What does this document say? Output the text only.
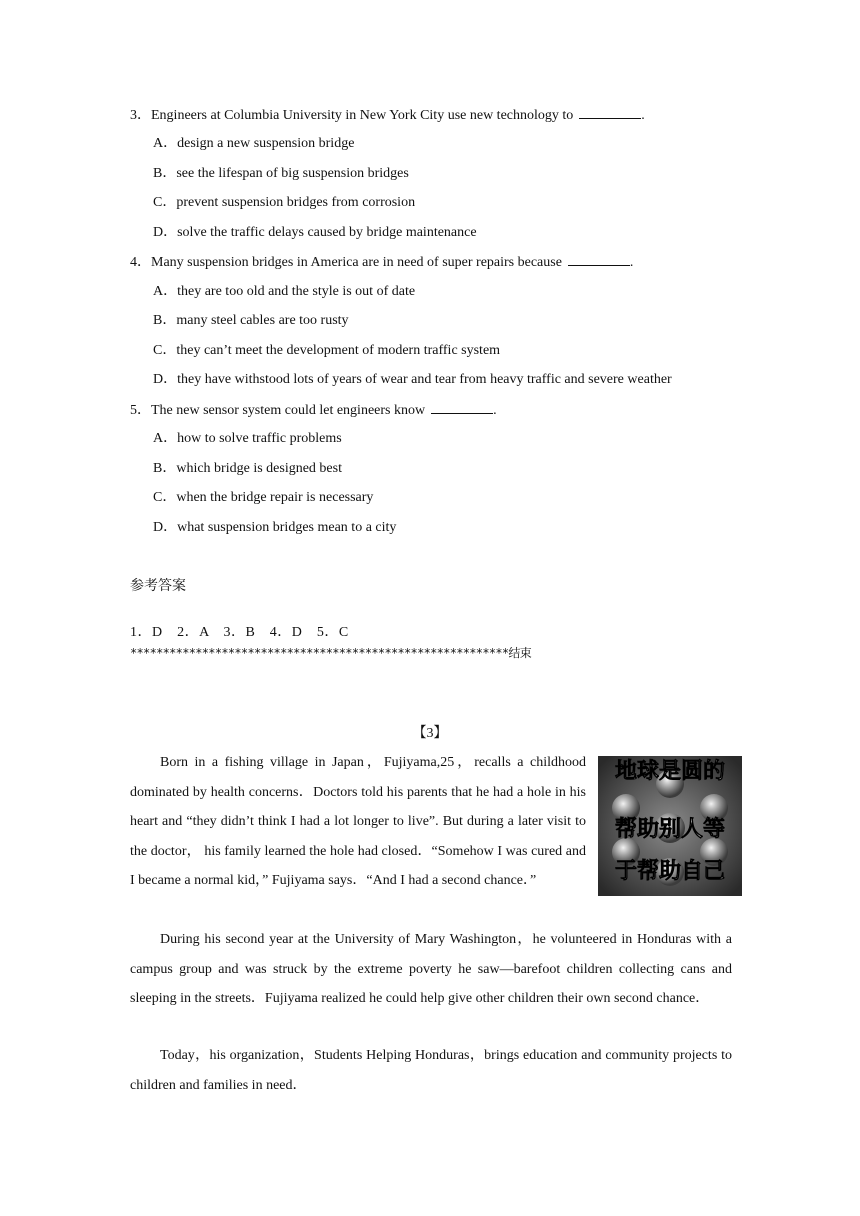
3．Engineers at Columbia University in New York City use new technology to	.
A．design a new suspension bridge
B．see the lifespan of big suspension bridges
C．prevent suspension bridges from corrosion
D．solve the traffic delays caused by bridge maintenance
4．Many suspension bridges in America are in need of super repairs because	.
A．they are too old and the style is out of date
B．many steel cables are too rusty
C．they can’t meet the development of modern traffic system
D．they have withstood lots of years of wear and tear from heavy traffic and severe weather
5．The new sensor system could let engineers know	.
A．how to solve traffic problems
B．which bridge is designed best
C．when the bridge repair is necessary
D．what suspension bridges mean to a city
参考答案
1．D　2．A　3．B　4．D　5．C
**********************************************************结束
【3】
Born in a fishing village in Japan，Fujiyama,25，recalls a childhood dominated by health concerns．Doctors told his parents that he had a hole in his heart and “they didn’t think I had a lot longer to live”. But during a later visit to the doctor， his family learned the hole had closed．“Somehow I was cured and I became a normal kid，” Fujiyama says．“And I had a second chance．”
地球是圆的
帮助别人等
于帮助自己
During his second year at the University of Mary Washington，he volunteered in Honduras with a campus group and was struck by the extreme poverty he saw—barefoot children collecting cans and sleeping in the streets．Fujiyama realized he could help give other children their own second chance．
Today，his organization，Students Helping Honduras，brings education and community projects to children and families in need．
